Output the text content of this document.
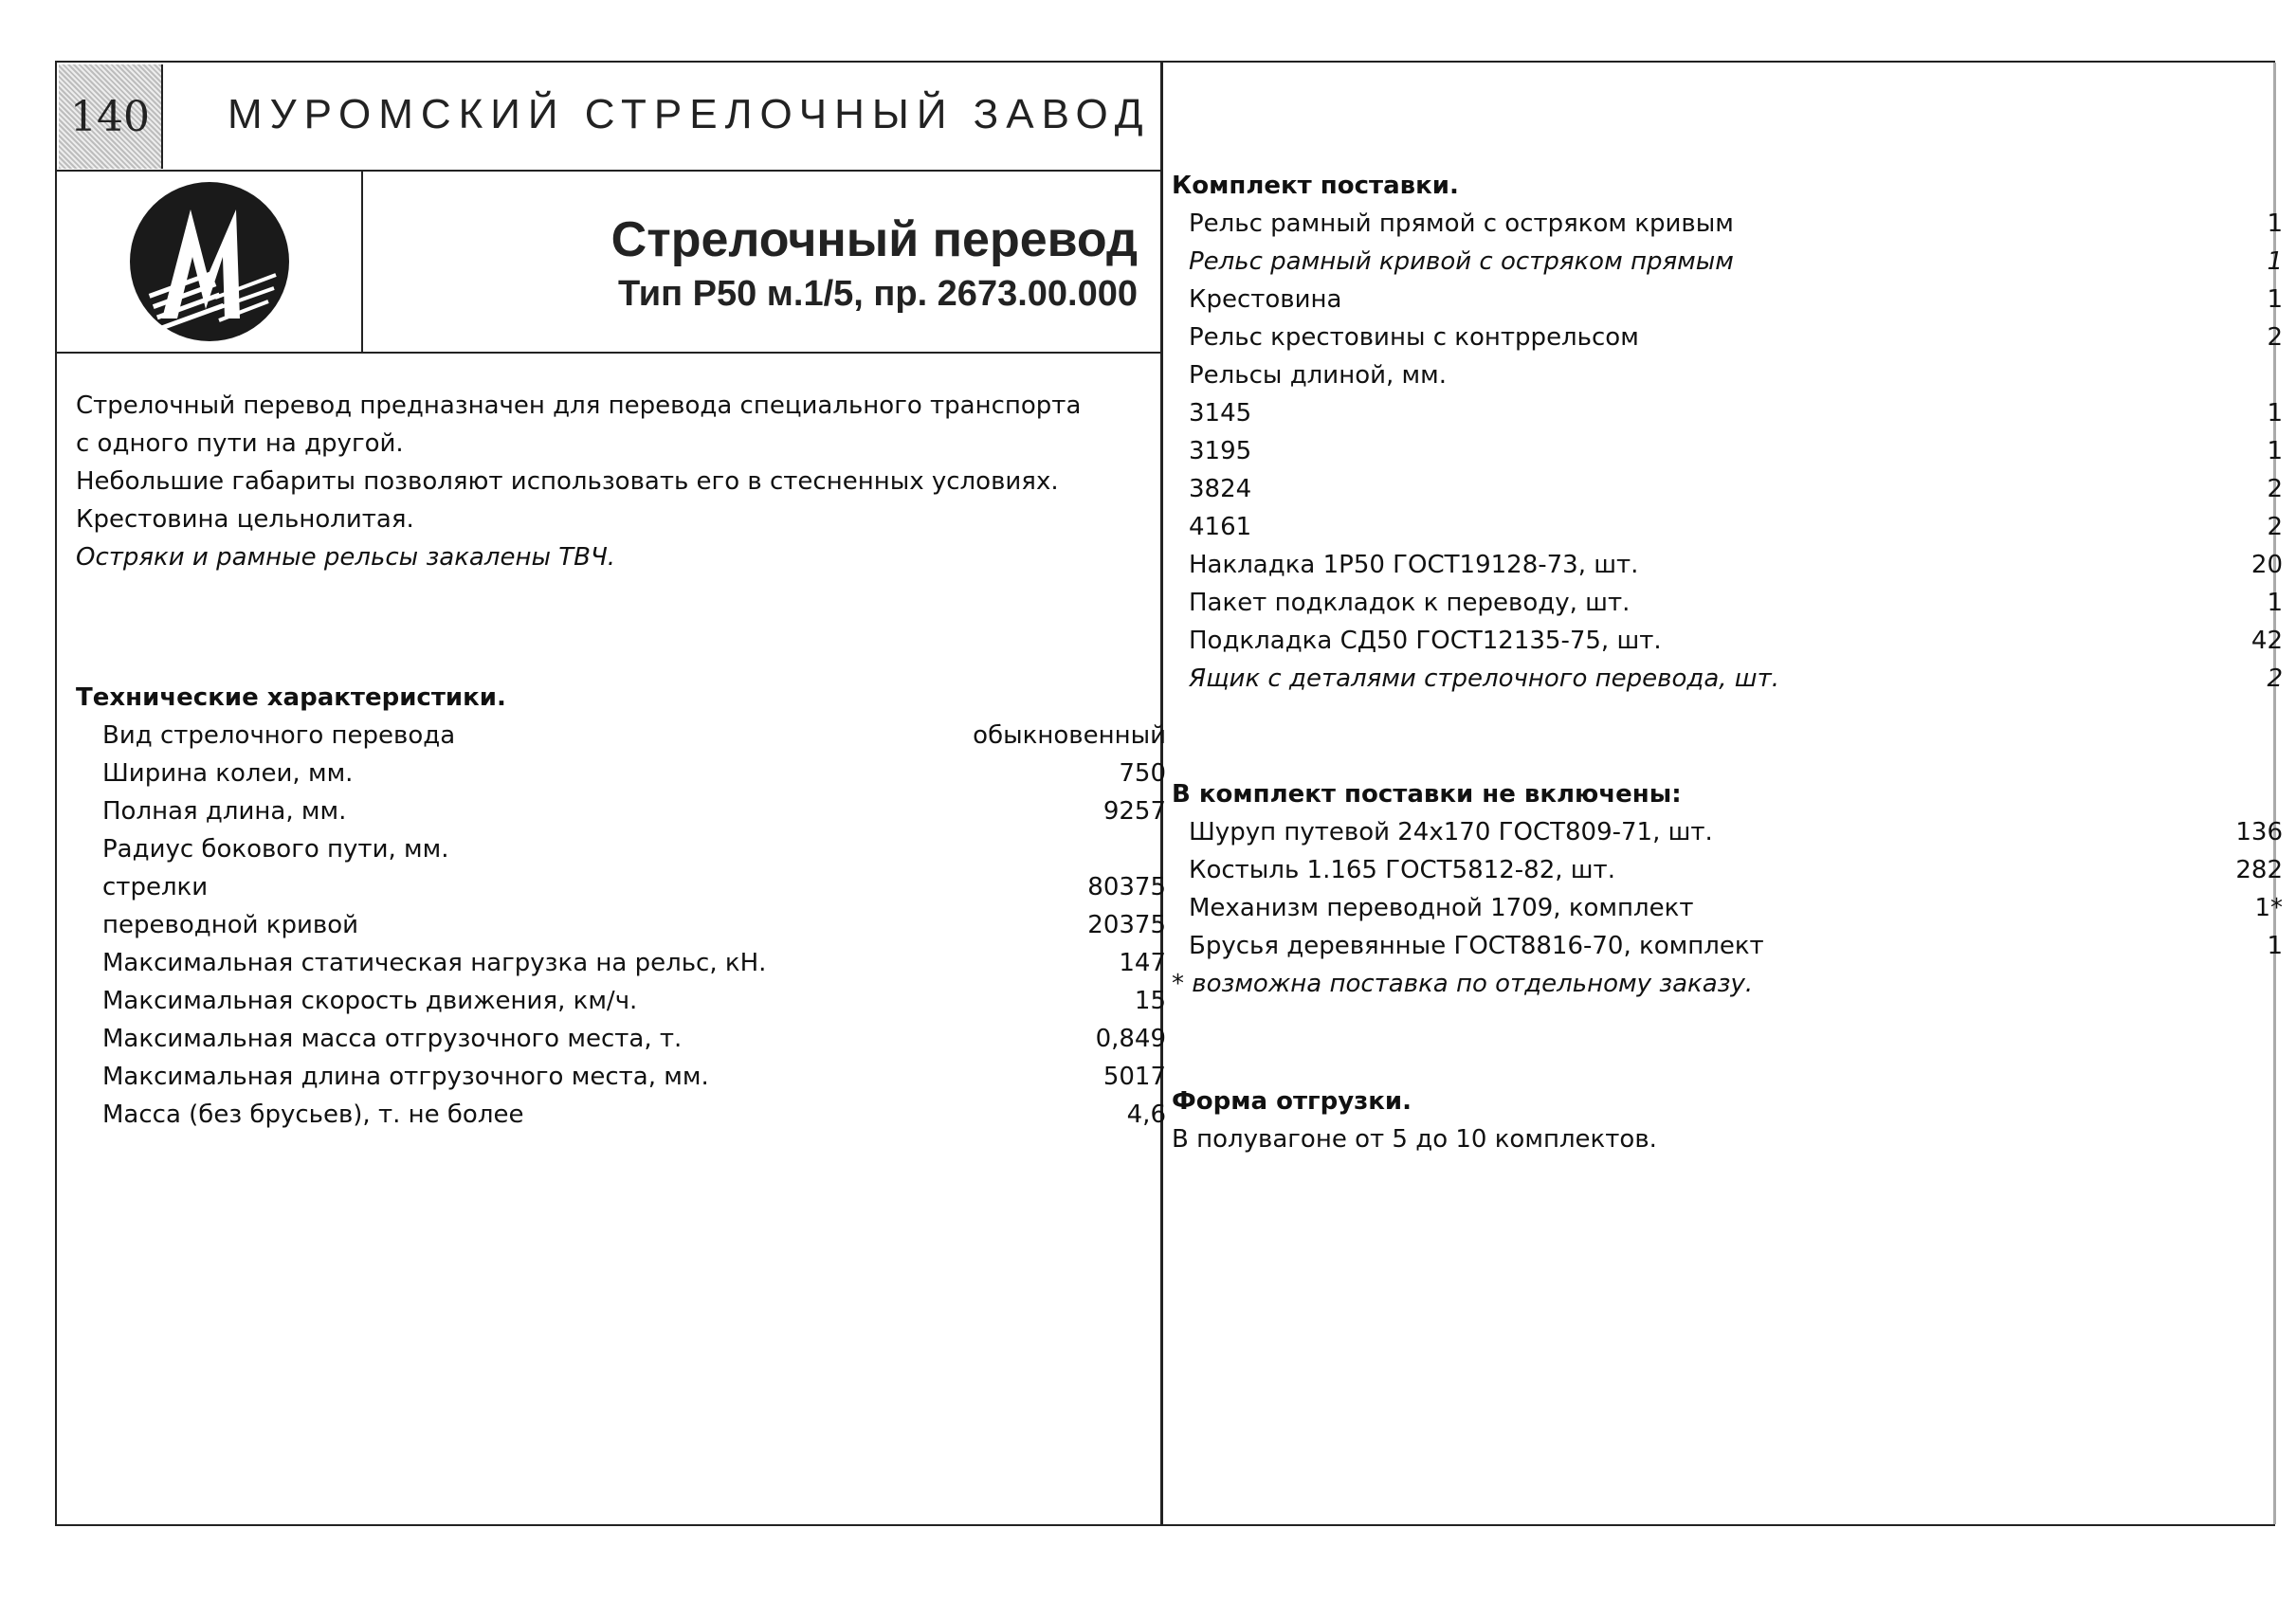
140	МУРОМСКИЙ СТРЕЛОЧНЫЙ ЗАВОД
Стрелочный перевод
Тип Р50 м.1/5, пр. 2673.00.000
Стрелочный перевод предназначен для перевода специального транспорта
с одного пути на другой.
Небольшие габариты позволяют использовать его в стесненных условиях.
Крестовина цельнолитая.
Остряки и рамные рельсы закалены ТВЧ.
Технические характеристики.
Вид стрелочного перевода	обыкновенный
Ширина колеи, мм.	750
Полная длина, мм.	9257
Радиус бокового пути, мм.
стрелки	80375
переводной кривой	20375
Максимальная статическая нагрузка на рельс, кН.	147
Максимальная скорость движения, км/ч.	15
Максимальная масса отгрузочного места, т.	0,849
Максимальная длина отгрузочного места, мм.	5017
Масса (без брусьев), т. не более	4,6
Комплект поставки.
Рельс рамный прямой с остряком кривым	1
Рельс рамный кривой с остряком прямым	1
Крестовина	1
Рельс крестовины с контррельсом	2
Рельсы длиной, мм.
3145	1
3195	1
3824	2
4161	2
Накладка 1Р50 ГОСТ19128-73, шт.	20
Пакет подкладок к переводу, шт.	1
Подкладка СД50 ГОСТ12135-75, шт.	42
Ящик с деталями стрелочного перевода, шт.	2
В комплект поставки не включены:
Шуруп путевой 24х170 ГОСТ809-71, шт.	136
Костыль 1.165 ГОСТ5812-82, шт.	282
Механизм переводной 1709, комплект	1*
Брусья деревянные ГОСТ8816-70, комплект	1
* возможна поставка по отдельному заказу.
Форма отгрузки.
В полувагоне от 5 до 10 комплектов.
